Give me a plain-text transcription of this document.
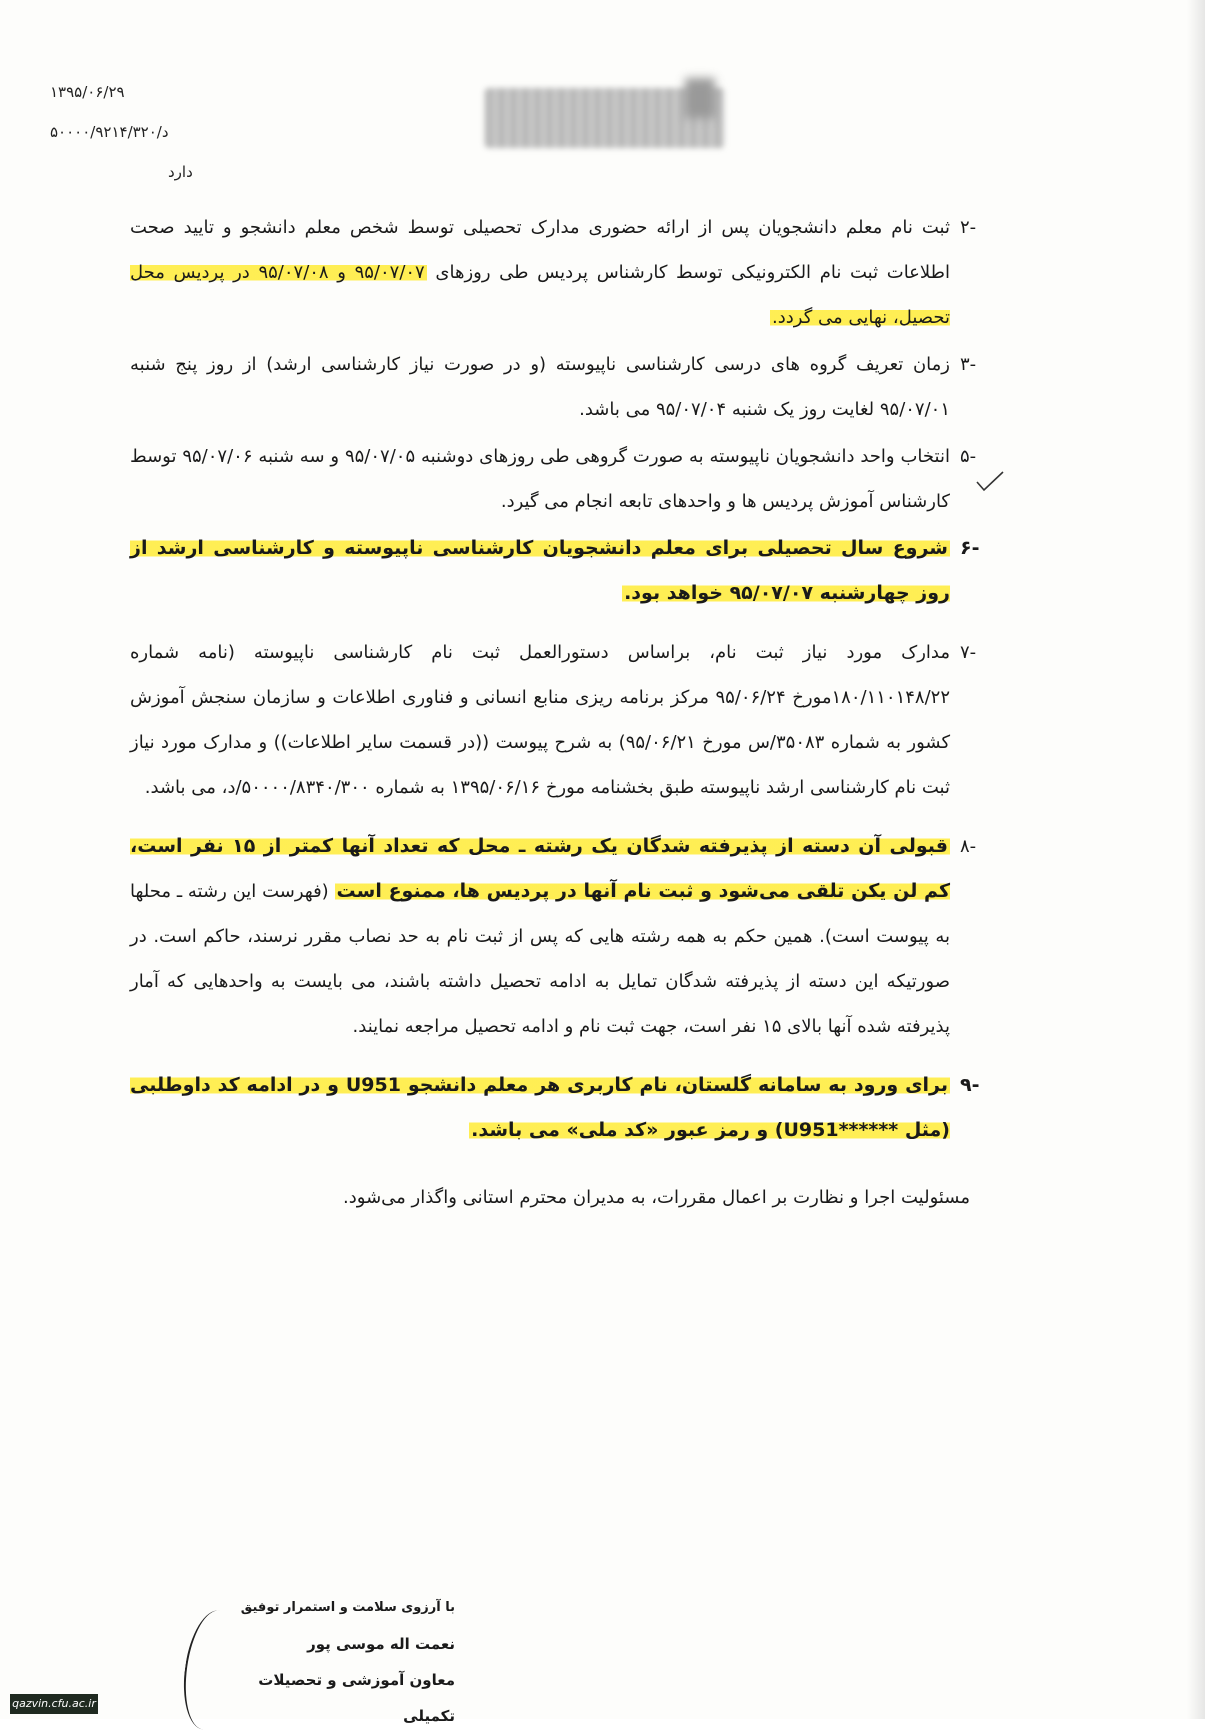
۱۳۹۵/۰۶/۲۹
د/۵۰۰۰۰/۹۲۱۴/۳۲۰
دارد
۲-
ثبت نام معلم دانشجویان پس از ارائه حضوری مدارک تحصیلی توسط شخص معلم دانشجو و تایید صحت اطلاعات ثبت نام الکترونیکی توسط کارشناس پردیس طی روزهای ۹۵/۰۷/۰۷ و ۹۵/۰۷/۰۸ در پردیس محل تحصیل، نهایی می گردد.
۳-
زمان تعریف گروه های درسی کارشناسی ناپیوسته (و در صورت نیاز کارشناسی ارشد) از روز پنج شنبه ۹۵/۰۷/۰۱ لغایت روز یک شنبه ۹۵/۰۷/۰۴ می باشد.
۵-
انتخاب واحد دانشجویان ناپیوسته به صورت گروهی طی روزهای دوشنبه ۹۵/۰۷/۰۵ و سه شنبه ۹۵/۰۷/۰۶ توسط کارشناس آموزش پردیس ها و واحدهای تابعه انجام می گیرد.
۶-
شروع سال تحصیلی برای معلم دانشجویان کارشناسی ناپیوسته و کارشناسی ارشد از روز چهارشنبه ۹۵/۰۷/۰۷ خواهد بود.
۷-
مدارک مورد نیاز ثبت نام، براساس دستورالعمل ثبت نام کارشناسی ناپیوسته (نامه شماره ۱۸۰/۱۱۰۱۴۸/۲۲مورخ ۹۵/۰۶/۲۴ مرکز برنامه ریزی منابع انسانی و فناوری اطلاعات و سازمان سنجش آموزش کشور به شماره ۳۵۰۸۳/س مورخ ۹۵/۰۶/۲۱) به شرح پیوست ((در قسمت سایر اطلاعات)) و مدارک مورد نیاز ثبت نام کارشناسی ارشد ناپیوسته طبق بخشنامه مورخ ۱۳۹۵/۰۶/۱۶ به شماره ۵۰۰۰۰/۸۳۴۰/۳۰۰/د، می باشد.
۸-
قبولی آن دسته از پذیرفته شدگان یک رشته ـ محل که تعداد آنها کمتر از ۱۵ نفر است، کم لن یکن تلقی می‌شود و ثبت نام آنها در پردیس ها، ممنوع است (فهرست این رشته ـ محلها به پیوست است). همین حکم به همه رشته هایی که پس از ثبت نام به حد نصاب مقرر نرسند، حاکم است. در صورتیکه این دسته از پذیرفته شدگان تمایل به ادامه تحصیل داشته باشند، می بایست به واحدهایی که آمار پذیرفته شده آنها بالای ۱۵ نفر است، جهت ثبت نام و ادامه تحصیل مراجعه نمایند.
۹-
برای ورود به سامانه گلستان، نام کاربری هر معلم دانشجو U951 و در ادامه کد داوطلبی (مثل ******U951) و رمز عبور «کد ملی» می باشد.
مسئولیت اجرا و نظارت بر اعمال مقررات، به مدیران محترم استانی واگذار می‌شود.
با آرزوی سلامت و استمرار توفیق
نعمت اله موسی پور
معاون آموزشی و تحصیلات تکمیلی
qazvin.cfu.ac.ir
